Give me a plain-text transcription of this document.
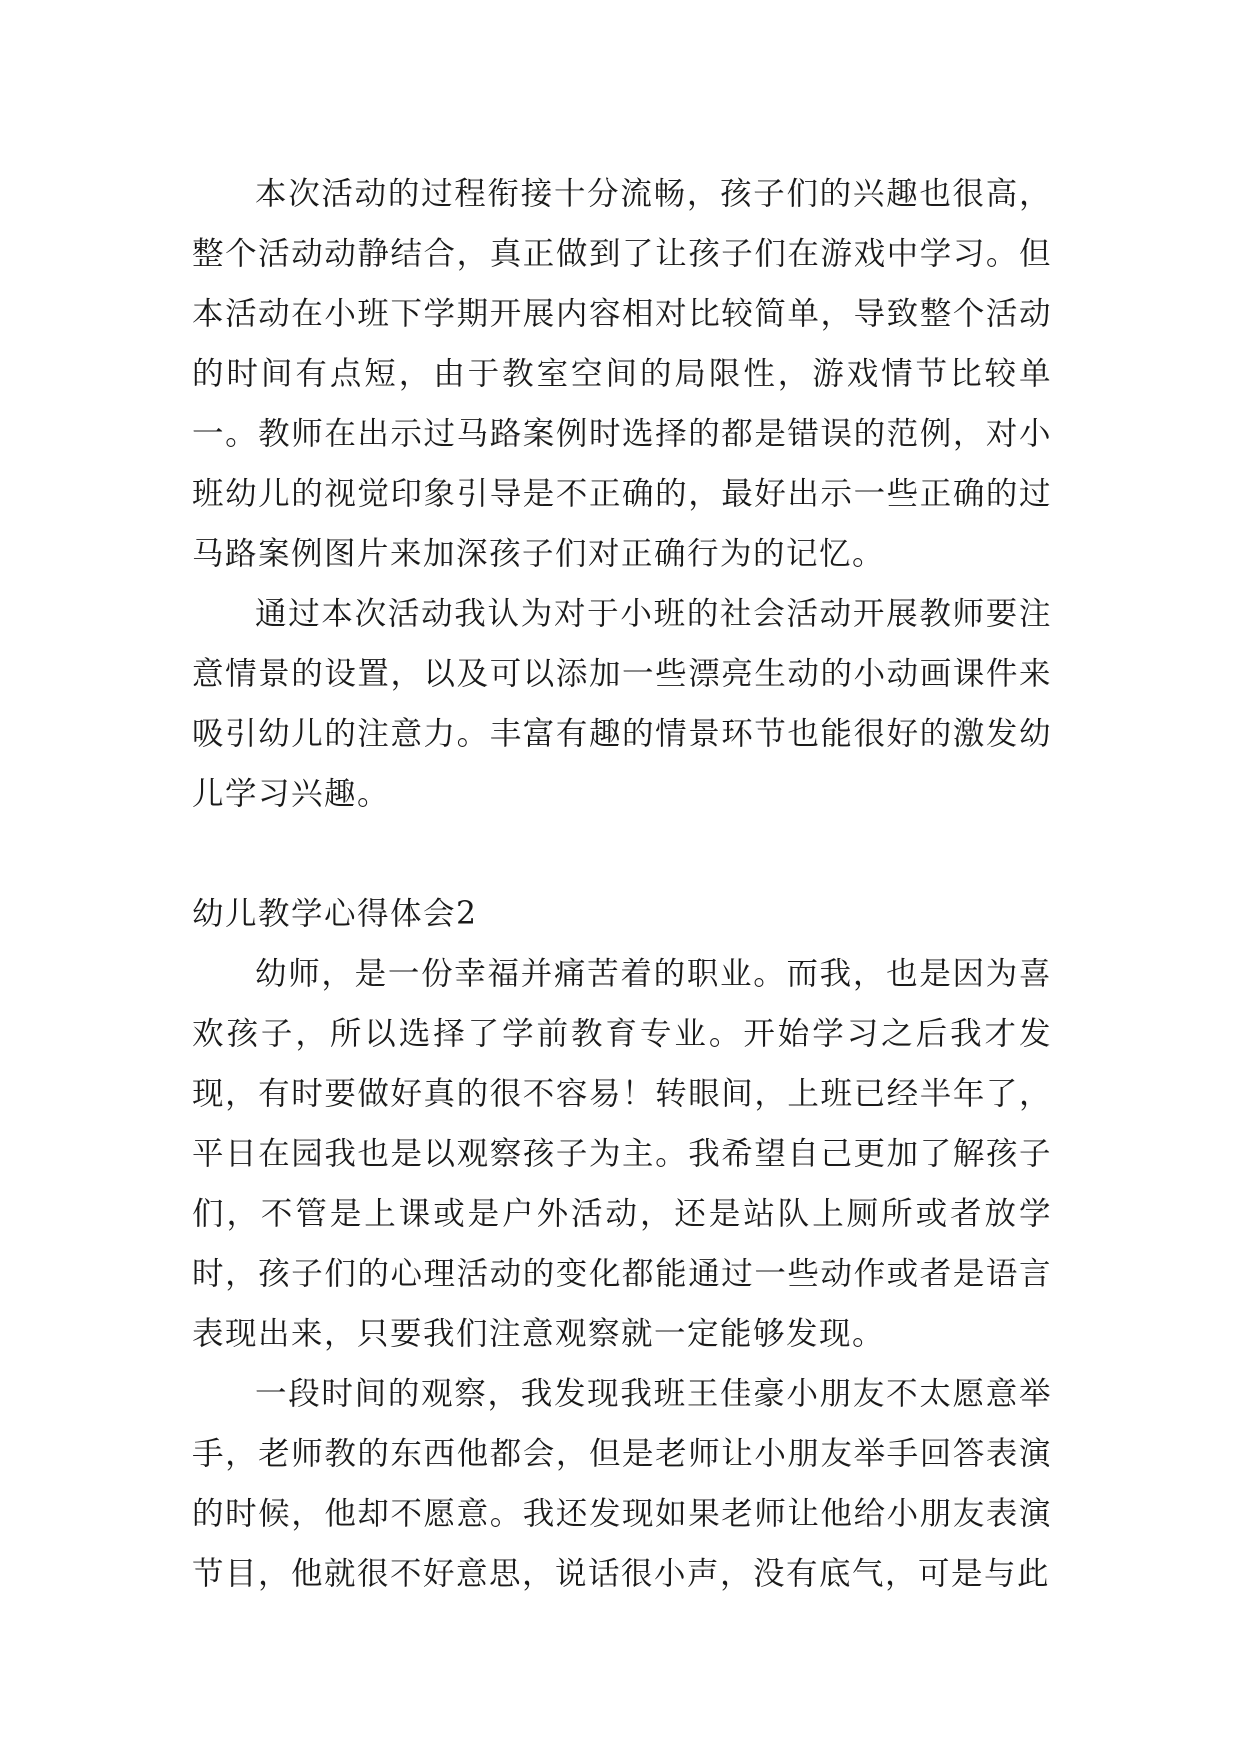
本次活动的过程衔接十分流畅，孩子们的兴趣也很高，整个活动动静结合，真正做到了让孩子们在游戏中学习。但本活动在小班下学期开展内容相对比较简单，导致整个活动的时间有点短，由于教室空间的局限性，游戏情节比较单一。教师在出示过马路案例时选择的都是错误的范例，对小班幼儿的视觉印象引导是不正确的，最好出示一些正确的过马路案例图片来加深孩子们对正确行为的记忆。

通过本次活动我认为对于小班的社会活动开展教师要注意情景的设置，以及可以添加一些漂亮生动的小动画课件来吸引幼儿的注意力。丰富有趣的情景环节也能很好的激发幼儿学习兴趣。

幼儿教学心得体会2

幼师，是一份幸福并痛苦着的职业。而我，也是因为喜欢孩子，所以选择了学前教育专业。开始学习之后我才发现，有时要做好真的很不容易！转眼间，上班已经半年了，平日在园我也是以观察孩子为主。我希望自己更加了解孩子们，不管是上课或是户外活动，还是站队上厕所或者放学时，孩子们的心理活动的变化都能通过一些动作或者是语言表现出来，只要我们注意观察就一定能够发现。

一段时间的观察，我发现我班王佳豪小朋友不太愿意举手，老师教的东西他都会，但是老师让小朋友举手回答表演的时候，他却不愿意。我还发现如果老师让他给小朋友表演节目，他就很不好意思，说话很小声，没有底气，可是与此
